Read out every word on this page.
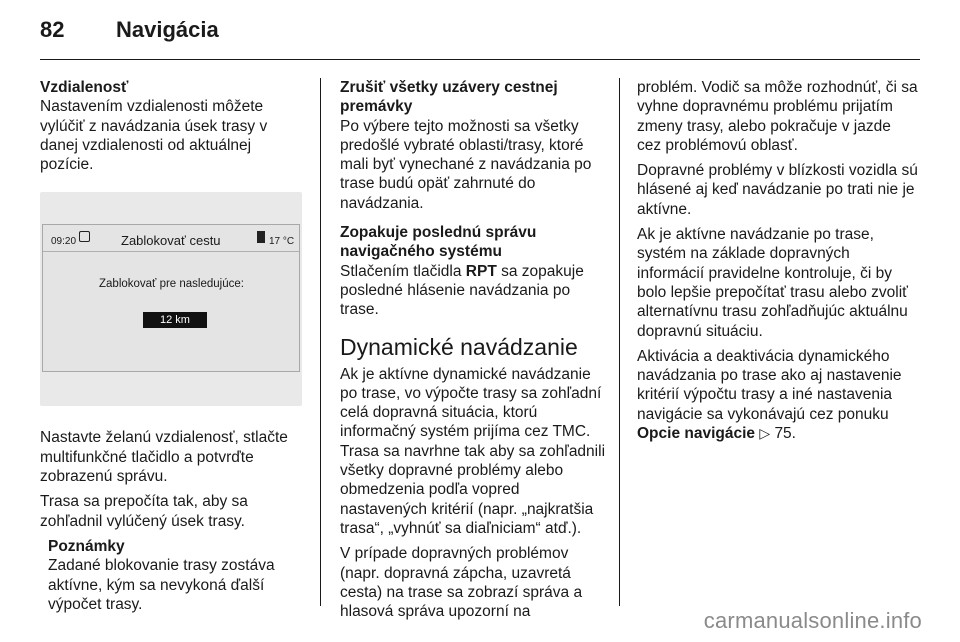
82 Navigácia

Vzdialenosť
Nastavením vzdialenosti môžete vylúčiť z navádzania úsek trasy v danej vzdialenosti od aktuálnej pozície.

09:20	Zablokovať cestu	17 °C
Zablokovať pre nasledujúce:
12 km

Nastavte želanú vzdialenosť, stlačte multifunkčné tlačidlo a potvrďte zobrazenú správu.

Trasa sa prepočíta tak, aby sa zohľadnil vylúčený úsek trasy.

Poznámky
Zadané blokovanie trasy zostáva aktívne, kým sa nevykoná ďalší výpočet trasy.

Zrušiť všetky uzávery cestnej premávky
Po výbere tejto možnosti sa všetky predošlé vybraté oblasti/trasy, ktoré mali byť vynechané z navádzania po trase budú opäť zahrnuté do navádzania.

Zopakuje poslednú správu navigačného systému
Stlačením tlačidla RPT sa zopakuje posledné hlásenie navádzania po trase.

Dynamické navádzanie

Ak je aktívne dynamické navádzanie po trase, vo výpočte trasy sa zohľadní celá dopravná situácia, ktorú informačný systém prijíma cez TMC. Trasa sa navrhne tak aby sa zohľadnili všetky dopravné problémy alebo obmedzenia podľa vopred nastavených kritérií (napr. „najkratšia trasa“, „vyhnúť sa diaľniciam“ atď.).

V prípade dopravných problémov (napr. dopravná zápcha, uzavretá cesta) na trase sa zobrazí správa a hlasová správa upozorní na

problém. Vodič sa môže rozhodnúť, či sa vyhne dopravnému problému prijatím zmeny trasy, alebo pokračuje v jazde cez problémovú oblasť.

Dopravné problémy v blízkosti vozidla sú hlásené aj keď navádzanie po trati nie je aktívne.

Ak je aktívne navádzanie po trase, systém na základe dopravných informácií pravidelne kontroluje, či by bolo lepšie prepočítať trasu alebo zvoliť alternatívnu trasu zohľadňujúc aktuálnu dopravnú situáciu.

Aktivácia a deaktivácia dynamického navádzania po trase ako aj nastavenie kritérií výpočtu trasy a iné nastavenia navigácie sa vykonávajú cez ponuku Opcie navigácie ▷ 75.

carmanualsonline.info
